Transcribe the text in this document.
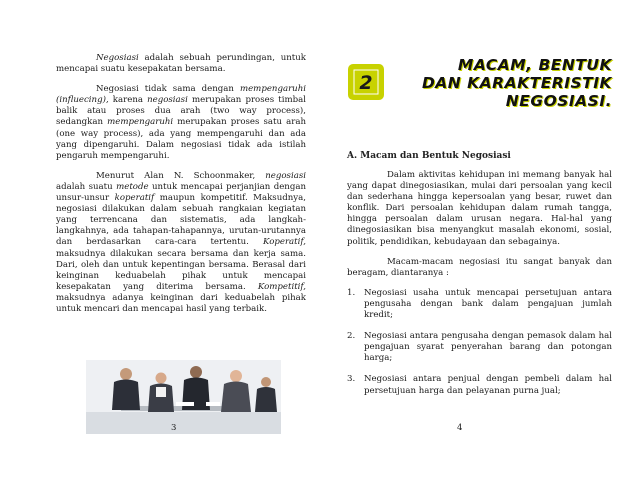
Negosiasi adalah sebuah perundingan, untuk mencapai suatu kesepakatan bersama.

Negosiasi tidak sama dengan mempengaruhi (influecing), karena negosiasi merupakan proses timbal balik atau proses dua arah (two way process), sedangkan mempengaruhi merupakan proses satu arah (one way process), ada yang mempengaruhi dan ada yang dipengaruhi. Dalam negosiasi tidak ada istilah pengaruh mempengaruhi.

Menurut Alan N. Schoonmaker, negosiasi adalah suatu metode untuk mencapai perjanjian dengan unsur-unsur koperatif maupun kompetitif. Maksudnya, negosiasi dilakukan dalam sebuah rangkaian kegiatan yang terrencana dan sistematis, ada langkah-langkahnya, ada tahapan-tahapannya, urutan-urutannya dan berdasarkan cara-cara tertentu. Koperatif, maksudnya dilakukan secara bersama dan kerja sama. Dari, oleh dan untuk kepentingan bersama. Berasal dari keinginan keduabelah pihak untuk mencapai kesepakatan yang diterima bersama. Kompetitif, maksudnya adanya keinginan dari keduabelah pihak untuk mencari dan mencapai hasil yang terbaik.

3
2
MACAM, BENTUK
DAN KARAKTERISTIK
NEGOSIASI.
A. Macam dan Bentuk Negosiasi

Dalam aktivitas kehidupan ini memang banyak hal yang dapat dinegosiasikan, mulai dari persoalan yang kecil dan sederhana hingga kepersoalan yang besar, ruwet dan konflik. Dari persoalan kehidupan dalam rumah tangga, hingga persoalan dalam urusan negara. Hal-hal yang dinegosiasikan bisa menyangkut masalah ekonomi, sosial, politik, pendidikan, kebudayaan dan sebagainya.

Macam-macam negosiasi itu sangat banyak dan beragam, diantaranya :

1. Negosiasi usaha untuk mencapai persetujuan antara pengusaha dengan bank dalam pengajuan jumlah kredit;
2. Negosiasi antara pengusaha dengan pemasok dalam hal pengajuan syarat penyerahan barang dan potongan harga;
3. Negosiasi antara penjual dengan pembeli dalam hal persetujuan harga dan pelayanan purna jual;
4
